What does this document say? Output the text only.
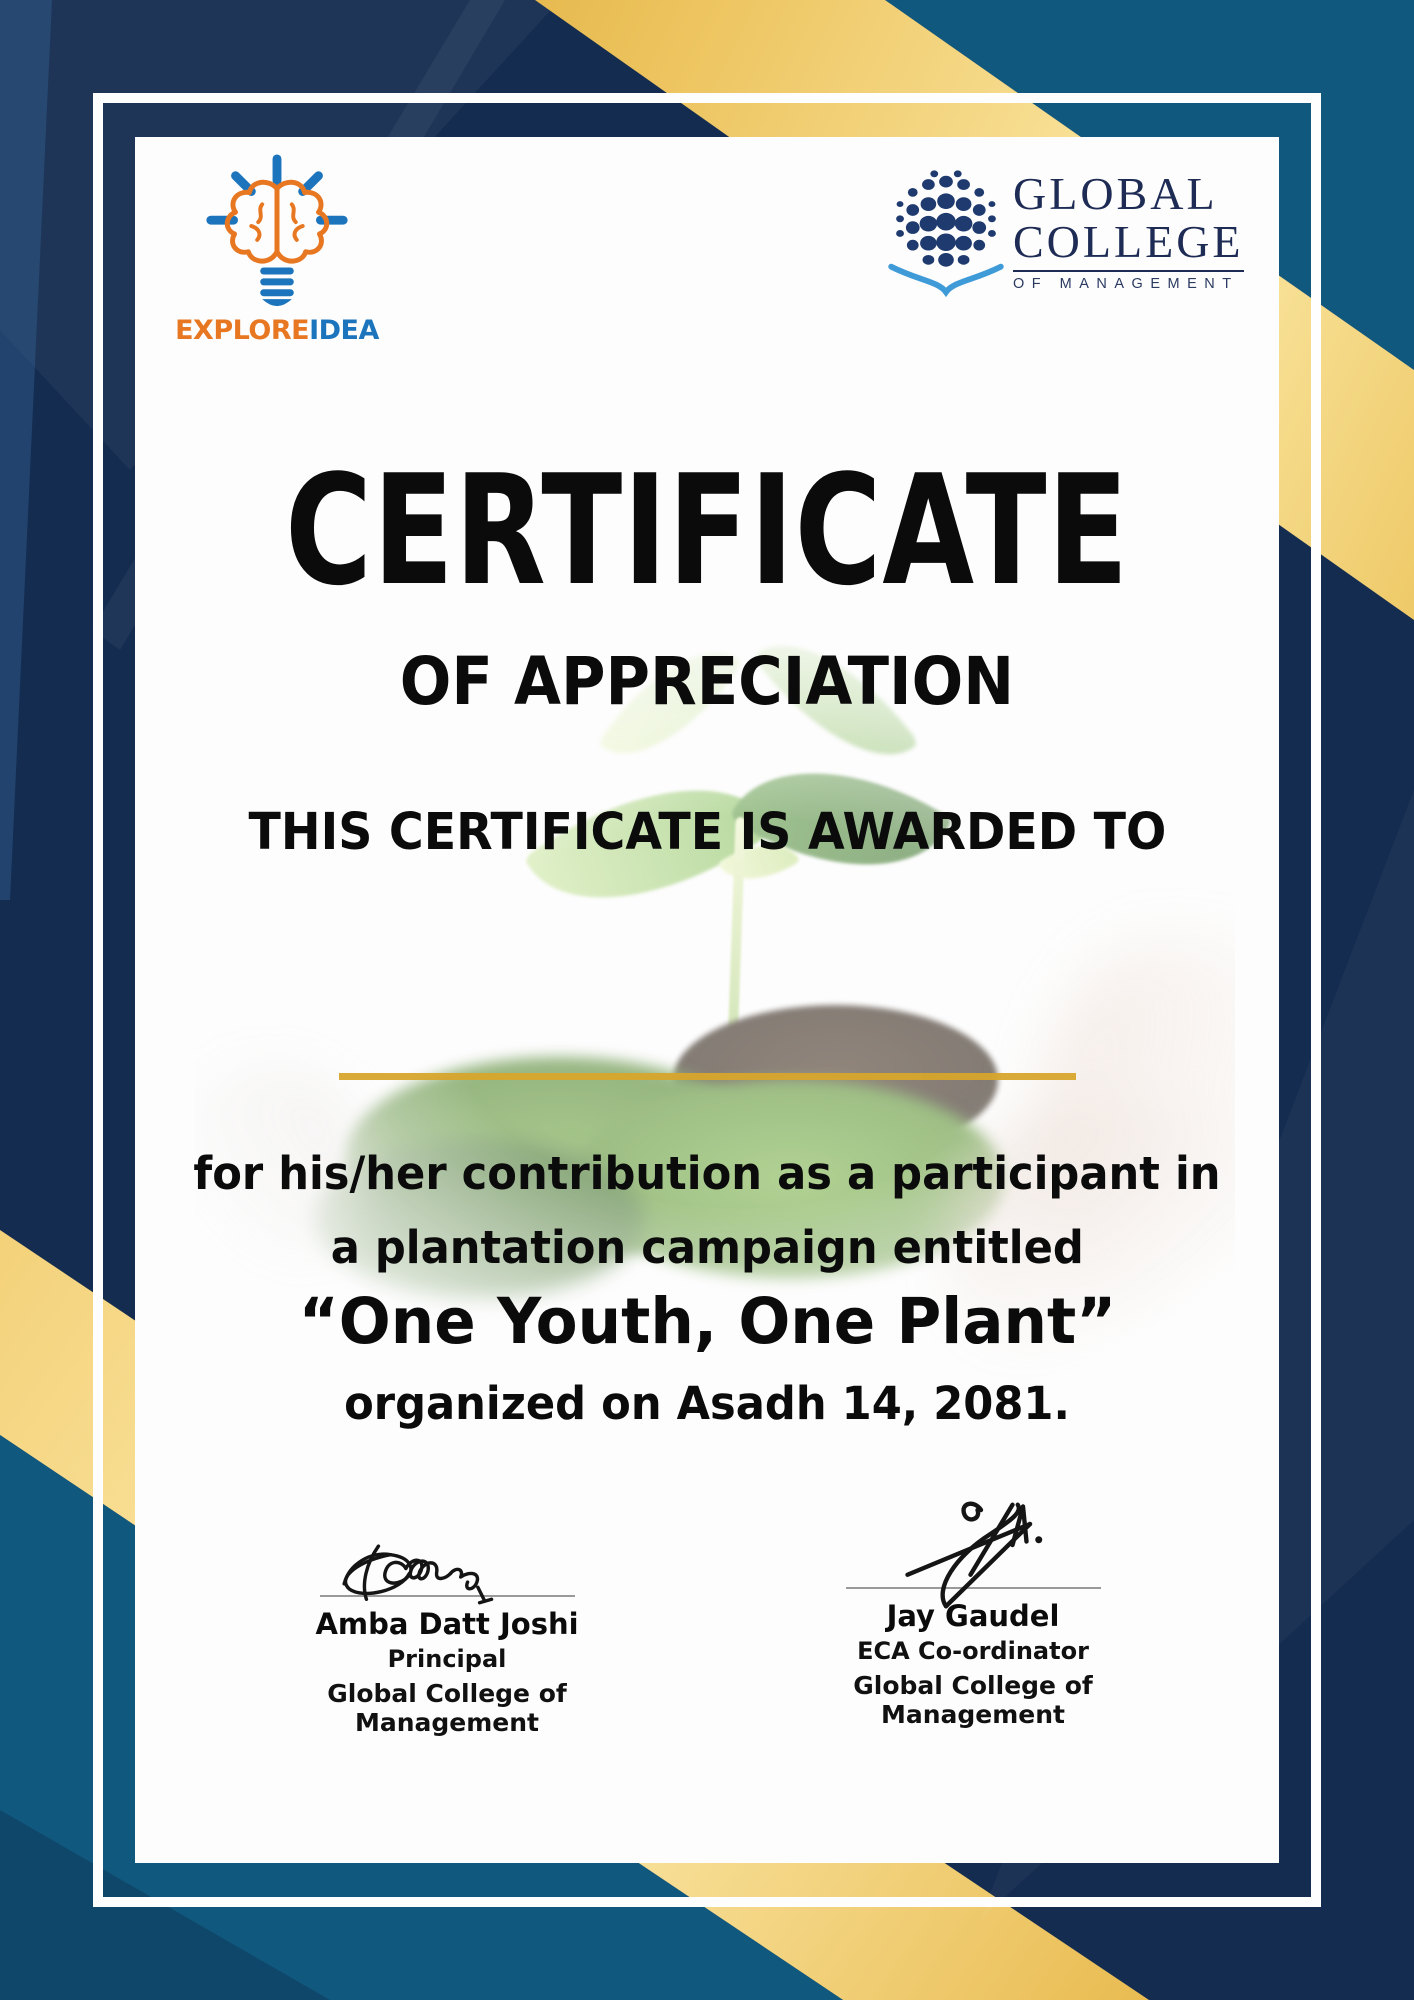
EXPLOREIDEA
GLOBAL
COLLEGE
OF MANAGEMENT
CERTIFICATE
OF APPRECIATION
THIS CERTIFICATE IS AWARDED TO
for his/her contribution as a participant in
a plantation campaign entitled
“One Youth, One Plant”
organized on Asadh 14, 2081.
Amba Datt Joshi
Principal
Global College of Management
Jay Gaudel
ECA Co-ordinator
Global College of Management
